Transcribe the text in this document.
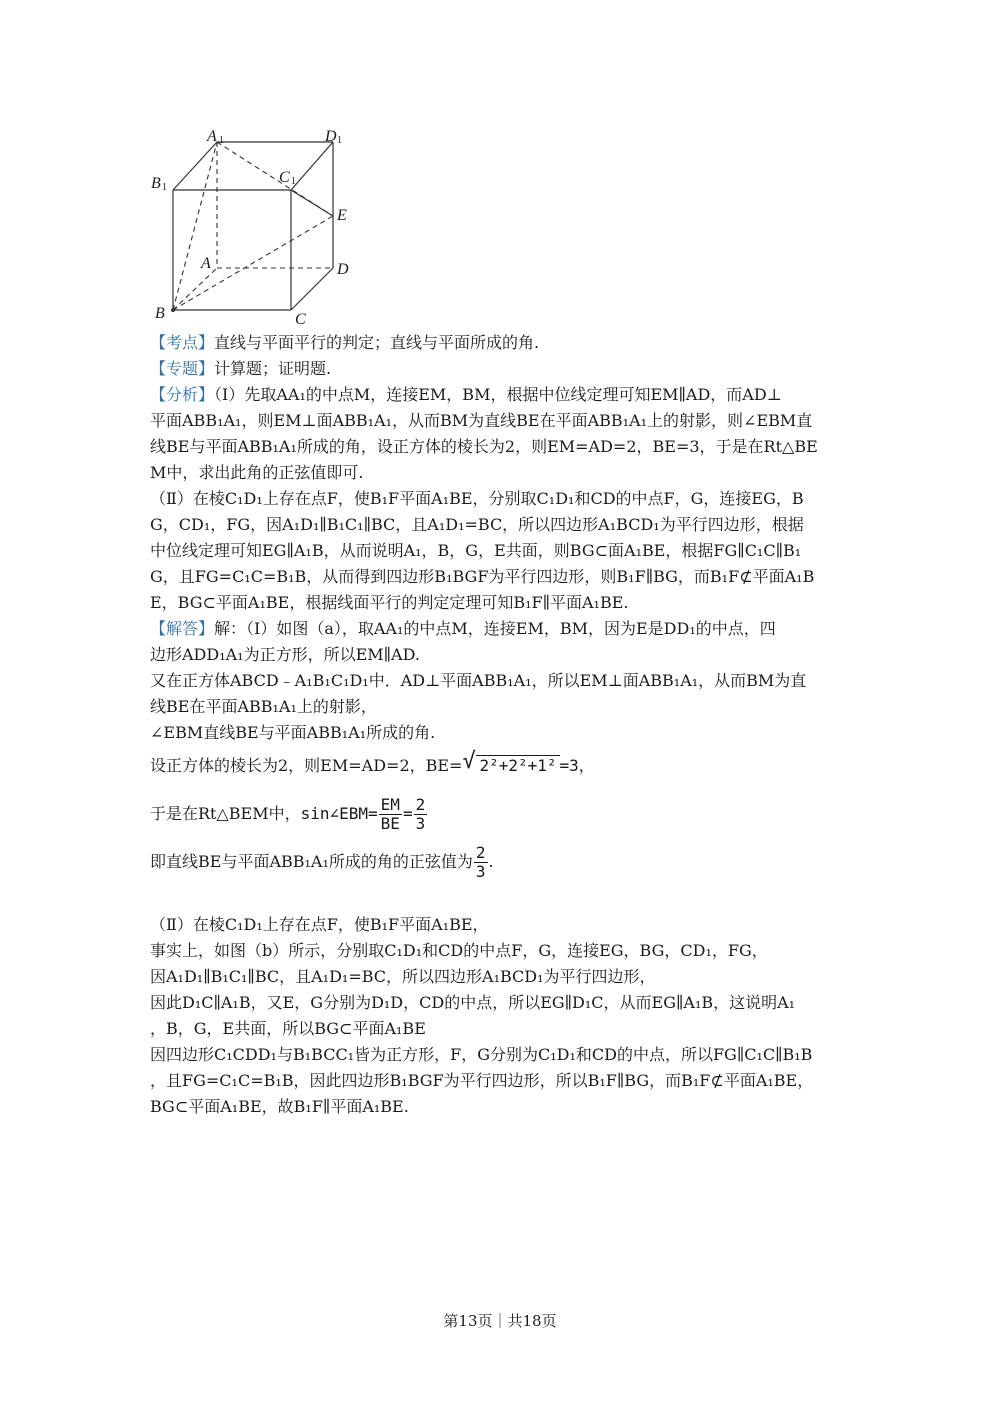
A 1	D 1
B 1
C 1
E
A	D
B	C
【考点】直线与平面平行的判定；直线与平面所成的角.
【专题】计算题；证明题.
【分析】（Ⅰ）先取AA₁的中点M，连接EM，BM，根据中位线定理可知EM∥AD，而AD⊥
平面ABB₁A₁，则EM⊥面ABB₁A₁，从而BM为直线BE在平面ABB₁A₁上的射影，则∠EBM直
线BE与平面ABB₁A₁所成的角，设正方体的棱长为2，则EM=AD=2，BE=3，于是在Rt△BE
M中，求出此角的正弦值即可.
（Ⅱ）在棱C₁D₁上存在点F，使B₁F平面A₁BE，分别取C₁D₁和CD的中点F，G，连接EG，B
G，CD₁，FG，因A₁D₁∥B₁C₁∥BC，且A₁D₁=BC，所以四边形A₁BCD₁为平行四边形，根据
中位线定理可知EG∥A₁B，从而说明A₁，B，G，E共面，则BG⊂面A₁BE，根据FG∥C₁C∥B₁
G，且FG=C₁C=B₁B，从而得到四边形B₁BGF为平行四边形，则B₁F∥BG，而B₁F⊄平面A₁B
E，BG⊂平面A₁BE，根据线面平行的判定定理可知B₁F∥平面A₁BE.
【解答】解：（Ⅰ）如图（a），取AA₁的中点M，连接EM，BM，因为E是DD₁的中点，四
边形ADD₁A₁为正方形，所以EM∥AD.
又在正方体ABCD﹣A₁B₁C₁D₁中．AD⊥平面ABB₁A₁，所以EM⊥面ABB₁A₁，从而BM为直
线BE在平面ABB₁A₁上的射影，
∠EBM直线BE与平面ABB₁A₁所成的角.
设正方体的棱长为2，则EM=AD=2，BE= √ 2²+2²+1² =3，
于是在Rt△BEM中，sin∠EBM= $\frac{EM}{BE} = \frac{2}{3}$
即直线BE与平面ABB₁A₁所成的角的正弦值为 $\frac{2}{3}$ .
（Ⅱ）在棱C₁D₁上存在点F，使B₁F平面A₁BE，
事实上，如图（b）所示，分别取C₁D₁和CD的中点F，G，连接EG，BG，CD₁，FG，
因A₁D₁∥B₁C₁∥BC，且A₁D₁=BC，所以四边形A₁BCD₁为平行四边形，
因此D₁C∥A₁B，又E，G分别为D₁D，CD的中点，所以EG∥D₁C，从而EG∥A₁B，这说明A₁
，B，G，E共面，所以BG⊂平面A₁BE
因四边形C₁CDD₁与B₁BCC₁皆为正方形，F，G分别为C₁D₁和CD的中点，所以FG∥C₁C∥B₁B
，且FG=C₁C=B₁B，因此四边形B₁BGF为平行四边形，所以B₁F∥BG，而B₁F⊄平面A₁BE，
BG⊂平面A₁BE，故B₁F∥平面A₁BE.
第13页｜共18页
